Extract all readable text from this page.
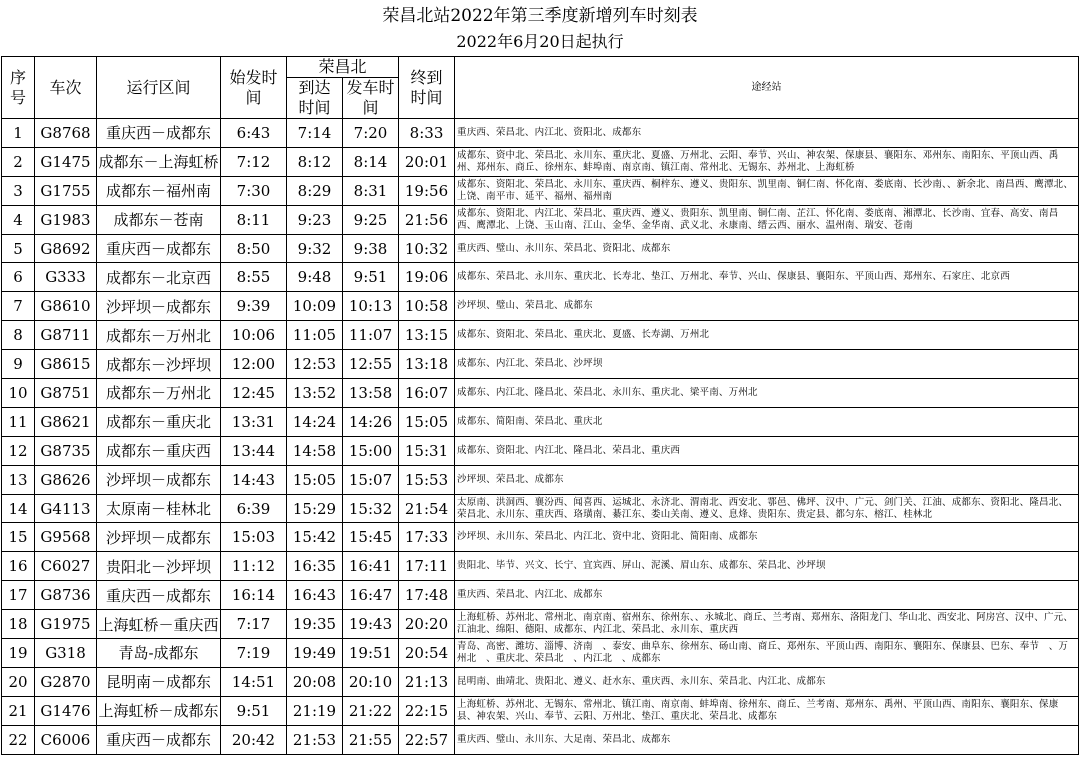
荣昌北站2022年第三季度新增列车时刻表
2022年6月20日起执行
序号	车次	运行区间	始发时间	荣昌北		终到时间	途经站
				到达时间	发车时间		
1	G8768	重庆西－成都东	6:43	7:14	7:20	8:33	重庆西、荣昌北、内江北、资阳北、成都东
2	G1475	成都东－上海虹桥	7:12	8:12	8:14	20:01	成都东、资中北、荣昌北、永川东、重庆北、夏盛、万州北、云阳、奉节、兴山、神农架、保康县、襄阳东、邓州东、南阳东、平顶山西、禹州、郑州东、商丘、徐州东、蚌埠南、南京南、镇江南、常州北、无锡东、苏州北、上海虹桥
3	G1755	成都东－福州南	7:30	8:29	8:31	19:56	成都东、资阳北、荣昌北、永川东、重庆西、桐梓东、遵义、贵阳东、凯里南、铜仁南、怀化南、娄底南、长沙南、、新余北、南昌西、鹰潭北、上饶、南平市、延平、福州、福州南
4	G1983	成都东－苍南	8:11	9:23	9:25	21:56	成都东、资阳北、内江北、荣昌北、重庆西、遵义、贵阳东、凯里南、铜仁南、芷江、怀化南、娄底南、湘潭北、长沙南、宜春、高安、南昌西、鹰潭北、上饶、玉山南、江山、金华、金华南、武义北、永康南、缙云西、丽水、温州南、瑞安、苍南
5	G8692	重庆西－成都东	8:50	9:32	9:38	10:32	重庆西、璧山、永川东、荣昌北、资阳北、成都东
6	G333	成都东－北京西	8:55	9:48	9:51	19:06	成都东、荣昌北、永川东、重庆北、长寿北、垫江、万州北、奉节、兴山、保康县、襄阳东、平顶山西、郑州东、石家庄、北京西
7	G8610	沙坪坝－成都东	9:39	10:09	10:13	10:58	沙坪坝、璧山、荣昌北、成都东
8	G8711	成都东－万州北	10:06	11:05	11:07	13:15	成都东、资阳北、荣昌北、重庆北、夏盛、长寿湖、万州北
9	G8615	成都东－沙坪坝	12:00	12:53	12:55	13:18	成都东、内江北、荣昌北、沙坪坝
10	G8751	成都东－万州北	12:45	13:52	13:58	16:07	成都东、内江北、隆昌北、荣昌北、永川东、重庆北、梁平南、万州北
11	G8621	成都东－重庆北	13:31	14:24	14:26	15:05	成都东、简阳南、荣昌北、重庆北
12	G8735	成都东－重庆西	13:44	14:58	15:00	15:31	成都东、资阳北、内江北、隆昌北、荣昌北、重庆西
13	G8626	沙坪坝－成都东	14:43	15:05	15:07	15:53	沙坪坝、荣昌北、成都东
14	G4113	太原南－桂林北	6:39	15:29	15:32	21:54	太原南、洪洞西、襄汾西、闻喜西、运城北、永济北、渭南北、西安北、鄠邑、佛坪、汉中、广元、剑门关、江油、成都东、资阳北、隆昌北、荣昌北、永川东、重庆西、珞璜南、綦江东、娄山关南、遵义、息烽、贵阳东、贵定县、都匀东、榕江、桂林北
15	G9568	沙坪坝－成都东	15:03	15:42	15:45	17:33	沙坪坝、永川东、荣昌北、内江北、资中北、资阳北、简阳南、成都东
16	C6027	贵阳北－沙坪坝	11:12	16:35	16:41	17:11	贵阳北、毕节、兴文、长宁、宜宾西、屏山、泥溪、眉山东、成都东、荣昌北、沙坪坝
17	G8736	重庆西－成都东	16:14	16:43	16:47	17:48	重庆西、荣昌北、内江北、成都东
18	G1975	上海虹桥－重庆西	7:17	19:35	19:43	20:20	上海虹桥、苏州北、常州北、南京南、宿州东、徐州东、、永城北、商丘、兰考南、郑州东、洛阳龙门、华山北、西安北、阿房宫、汉中、广元、江油北、绵阳、德阳、成都东、内江北、荣昌北、永川东、重庆西
19	G318	青岛-成都东	7:19	19:49	19:51	20:54	青岛、高密、潍坊、淄博、济南　、泰安、曲阜东、徐州东、砀山南、商丘、郑州东、平顶山西、南阳东、襄阳东、保康县、巴东、奉节　、万州北　、重庆北、荣昌北　、内江北　、成都东
20	G2870	昆明南－成都东	14:51	20:08	20:10	21:13	昆明南、曲靖北、贵阳北、遵义、赶水东、重庆西、永川东、荣昌北、内江北、成都东
21	G1476	上海虹桥－成都东	9:51	21:19	21:22	22:15	上海虹桥、苏州北、无锡东、常州北、镇江南、南京南、蚌埠南、徐州东、商丘、兰考南、郑州东、禹州、平顶山西、南阳东、襄阳东、保康县、神农架、兴山、奉节、云阳、万州北、垫江、重庆北、荣昌北、成都东
22	C6006	重庆西－成都东	20:42	21:53	21:55	22:57	重庆西、璧山、永川东、大足南、荣昌北、成都东
